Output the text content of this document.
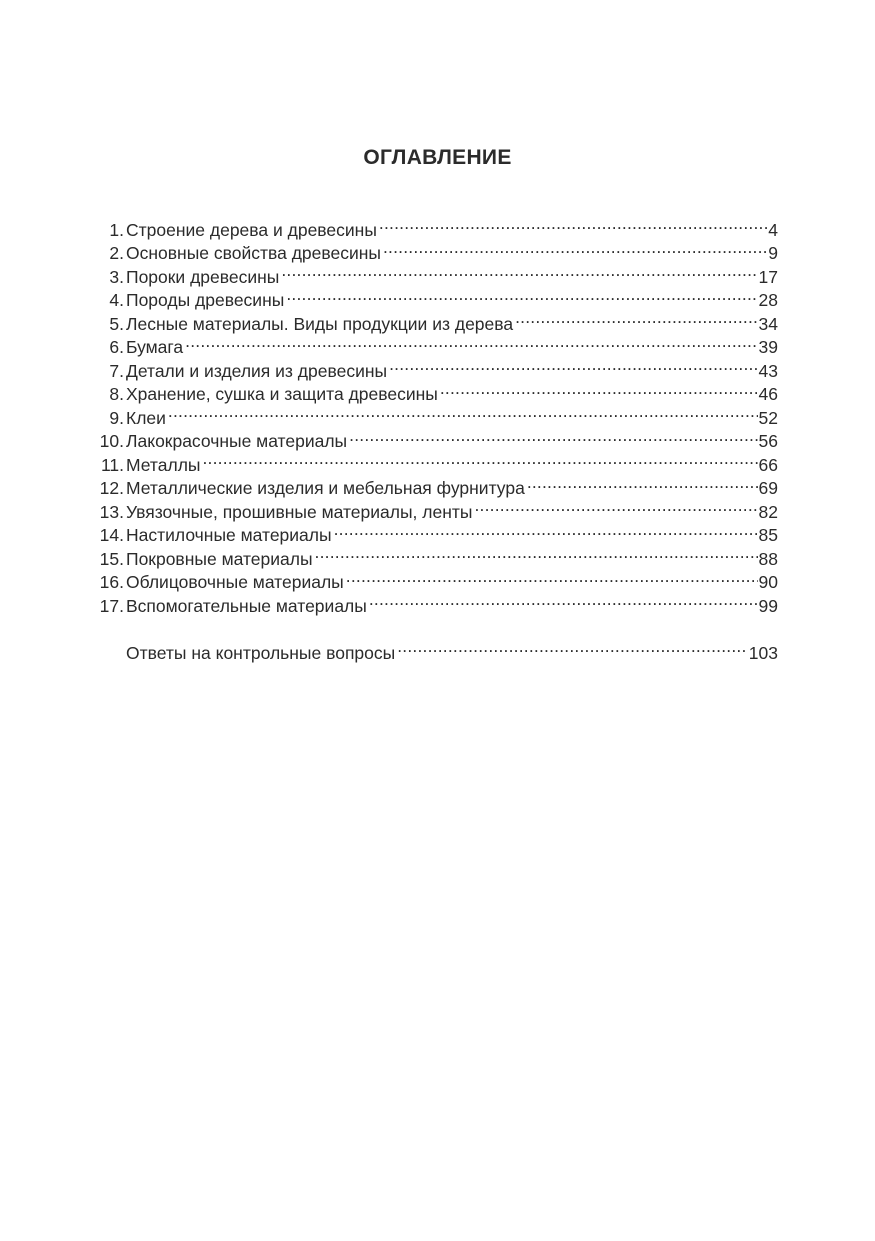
ОГЛАВЛЕНИЕ
1. Строение дерева и древесины .....	4
2. Основные свойства древесины .....	9
3. Пороки древесины .....	17
4. Породы древесины .....	28
5. Лесные материалы. Виды продукции из дерева .....	34
6. Бумага .....	39
7. Детали и изделия из древесины .....	43
8. Хранение, сушка и защита древесины .....	46
9. Клеи .....	52
10. Лакокрасочные материалы .....	56
11. Металлы .....	66
12. Металлические изделия и мебельная фурнитура .....	69
13. Увязочные, прошивные материалы, ленты .....	82
14. Настилочные материалы .....	85
15. Покровные материалы .....	88
16. Облицовочные материалы .....	90
17. Вспомогательные материалы .....	99
Ответы на контрольные вопросы .....	103
